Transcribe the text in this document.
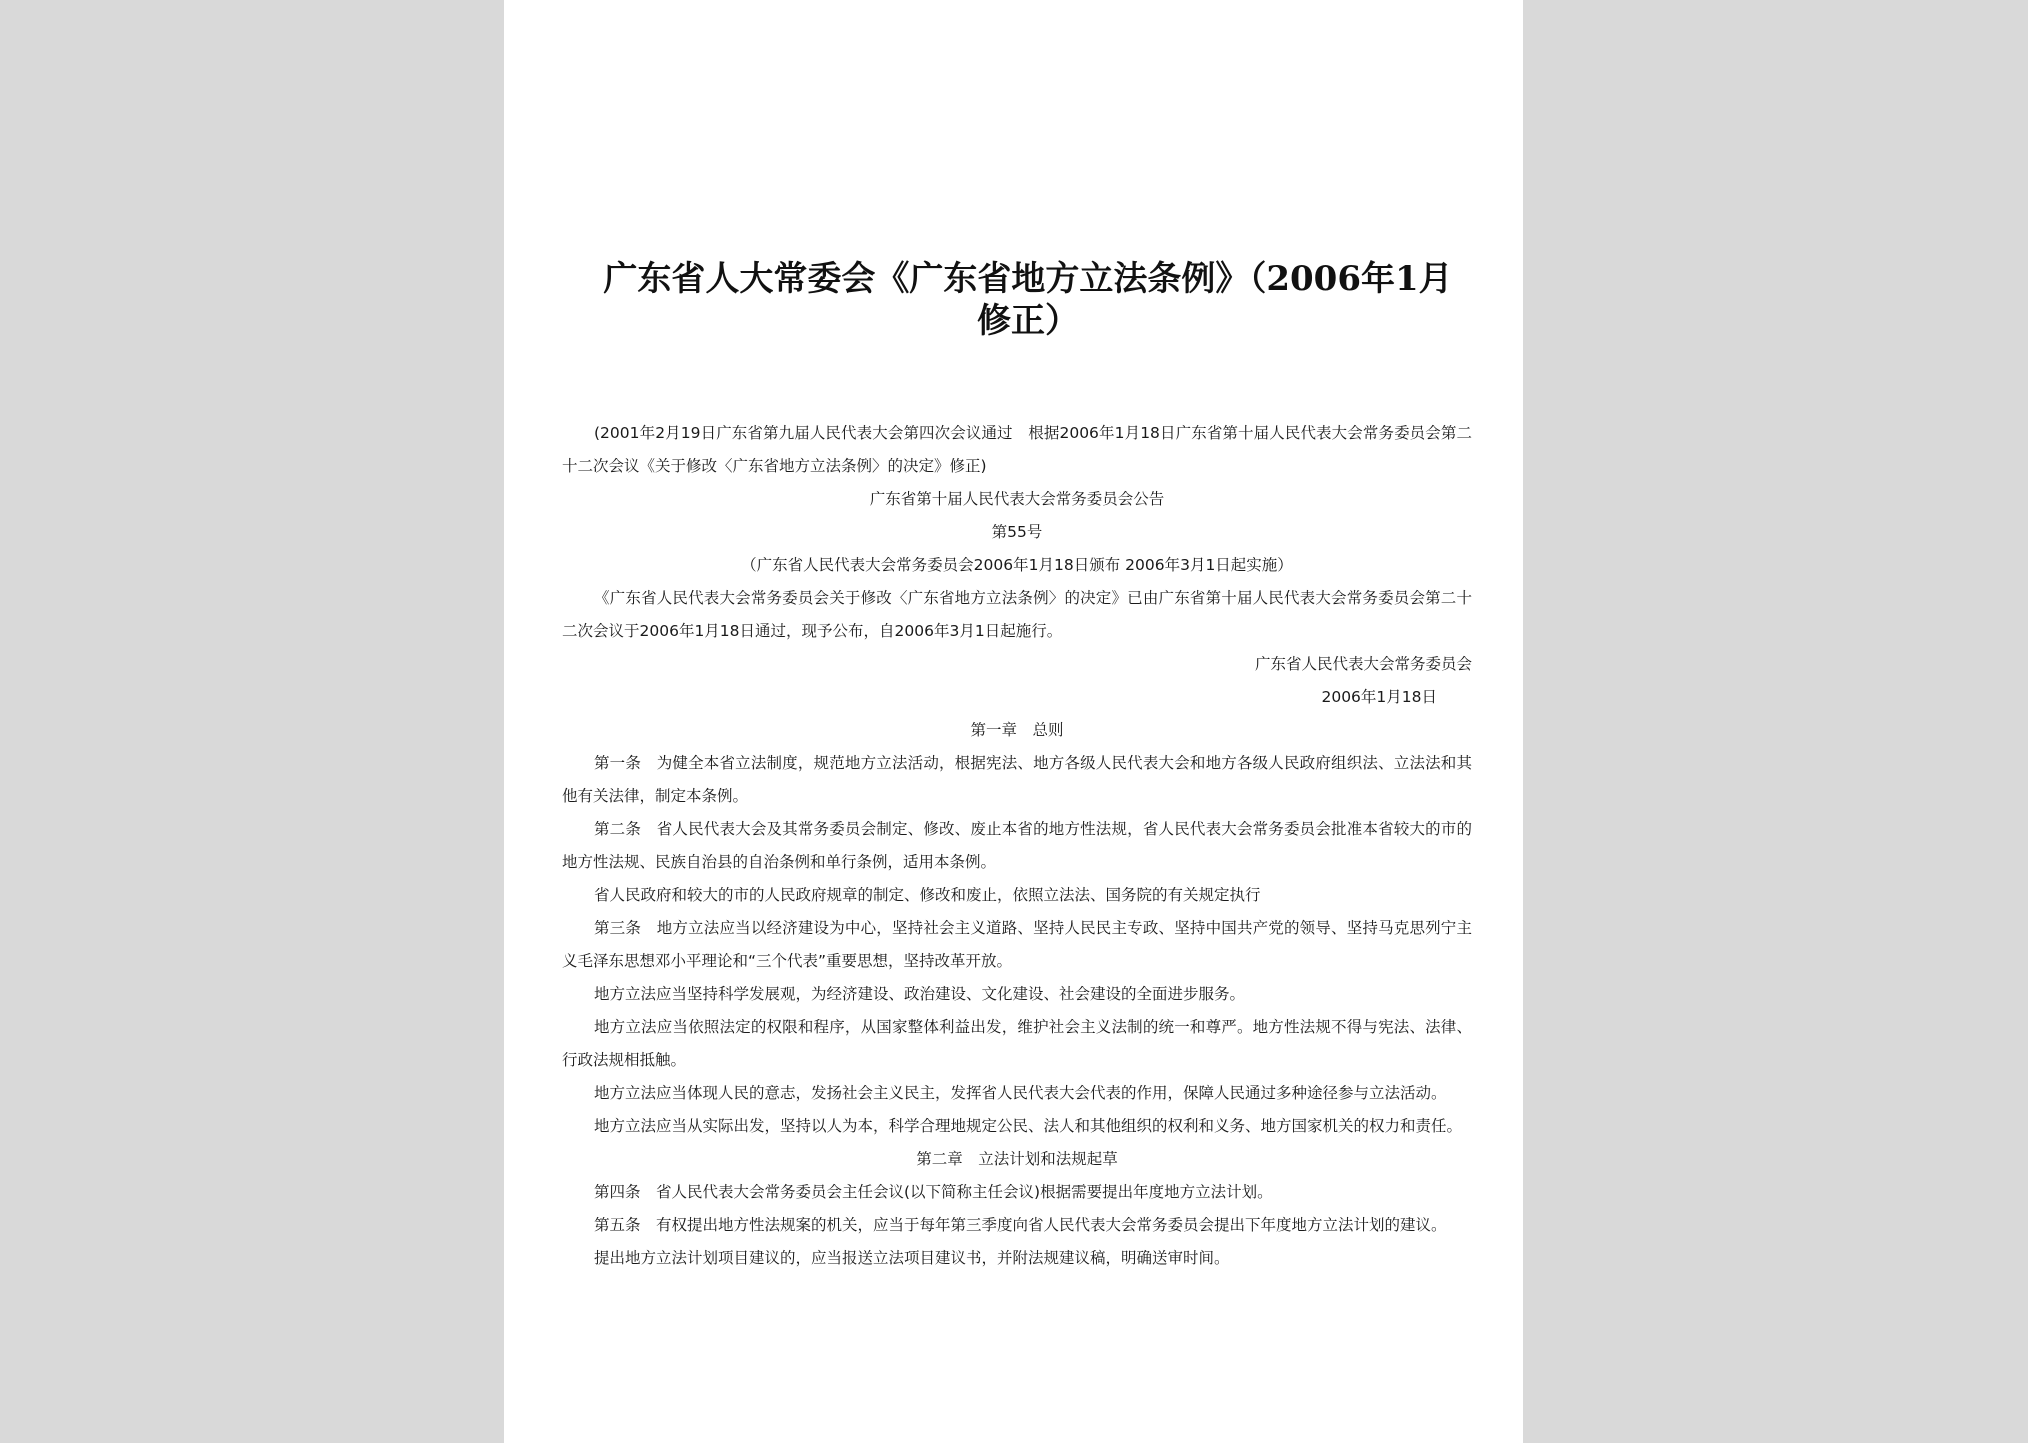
广东省人大常委会《广东省地方立法条例》（2006年1月修正）

(2001年2月19日广东省第九届人民代表大会第四次会议通过　根据2006年1月18日广东省第十届人民代表大会常务委员会第二十二次会议《关于修改〈广东省地方立法条例〉的决定》修正)

广东省第十届人民代表大会常务委员会公告

第55号

（广东省人民代表大会常务委员会2006年1月18日颁布 2006年3月1日起实施）

《广东省人民代表大会常务委员会关于修改〈广东省地方立法条例〉的决定》已由广东省第十届人民代表大会常务委员会第二十二次会议于2006年1月18日通过，现予公布，自2006年3月1日起施行。

广东省人民代表大会常务委员会

2006年1月18日

第一章　总则

第一条　为健全本省立法制度，规范地方立法活动，根据宪法、地方各级人民代表大会和地方各级人民政府组织法、立法法和其他有关法律，制定本条例。

第二条　省人民代表大会及其常务委员会制定、修改、废止本省的地方性法规，省人民代表大会常务委员会批准本省较大的市的地方性法规、民族自治县的自治条例和单行条例，适用本条例。

省人民政府和较大的市的人民政府规章的制定、修改和废止，依照立法法、国务院的有关规定执行

第三条　地方立法应当以经济建设为中心，坚持社会主义道路、坚持人民民主专政、坚持中国共产党的领导、坚持马克思列宁主义毛泽东思想邓小平理论和“三个代表”重要思想，坚持改革开放。

地方立法应当坚持科学发展观，为经济建设、政治建设、文化建设、社会建设的全面进步服务。

地方立法应当依照法定的权限和程序，从国家整体利益出发，维护社会主义法制的统一和尊严。地方性法规不得与宪法、法律、行政法规相抵触。

地方立法应当体现人民的意志，发扬社会主义民主，发挥省人民代表大会代表的作用，保障人民通过多种途径参与立法活动。

地方立法应当从实际出发，坚持以人为本，科学合理地规定公民、法人和其他组织的权利和义务、地方国家机关的权力和责任。

第二章　立法计划和法规起草

第四条　省人民代表大会常务委员会主任会议(以下简称主任会议)根据需要提出年度地方立法计划。

第五条　有权提出地方性法规案的机关，应当于每年第三季度向省人民代表大会常务委员会提出下年度地方立法计划的建议。

提出地方立法计划项目建议的，应当报送立法项目建议书，并附法规建议稿，明确送审时间。
